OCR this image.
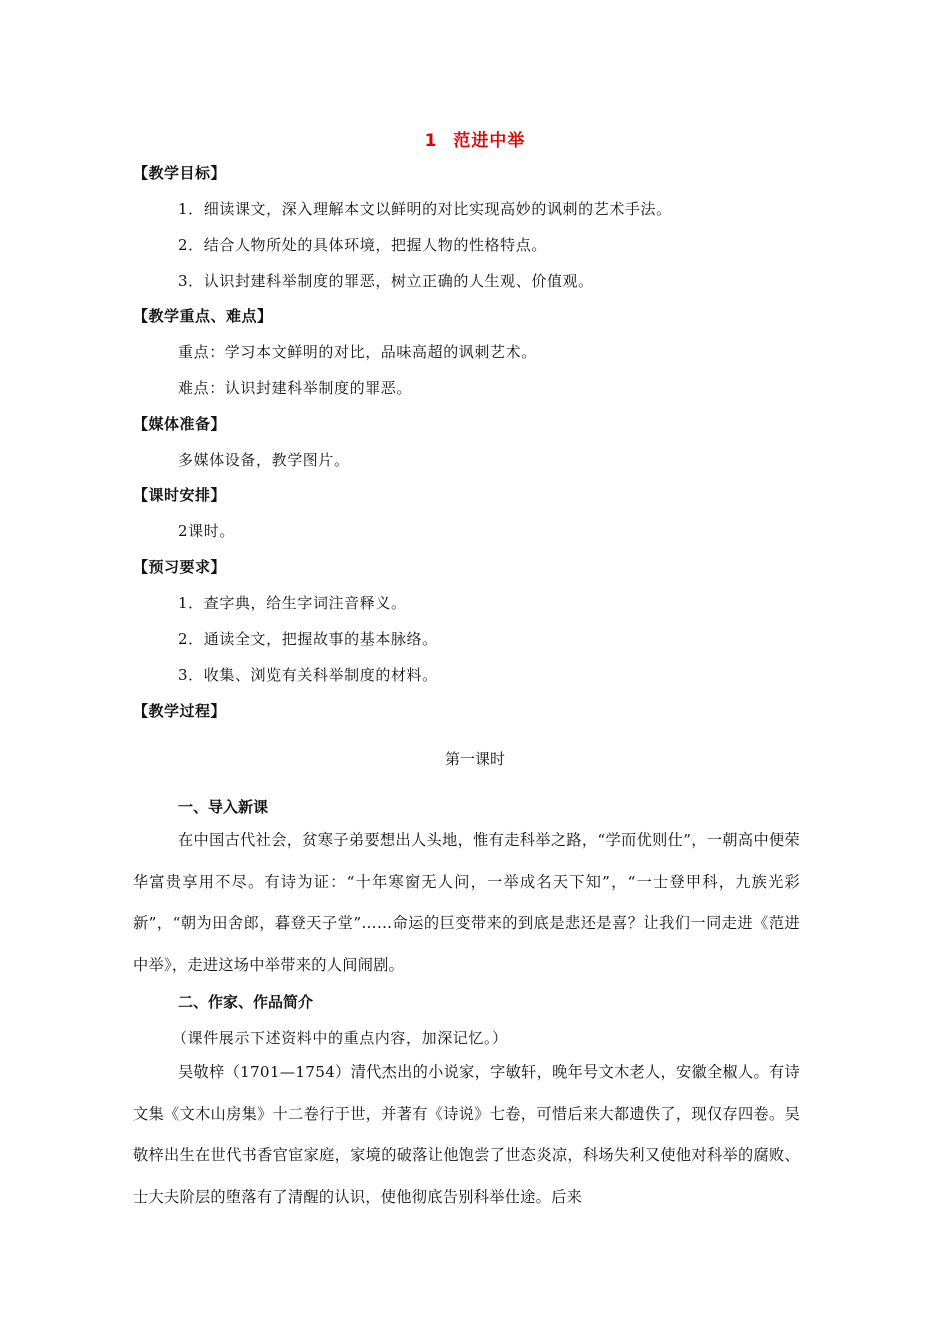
1 范进中举
【教学目标】
1．细读课文，深入理解本文以鲜明的对比实现高妙的讽刺的艺术手法。
2．结合人物所处的具体环境，把握人物的性格特点。
3．认识封建科举制度的罪恶，树立正确的人生观、价值观。
【教学重点、难点】
重点：学习本文鲜明的对比，品味高超的讽刺艺术。
难点：认识封建科举制度的罪恶。
【媒体准备】
多媒体设备，教学图片。
【课时安排】
2课时。
【预习要求】
1．查字典，给生字词注音释义。
2．通读全文，把握故事的基本脉络。
3．收集、浏览有关科举制度的材料。
【教学过程】
第一课时
一、导入新课

在中国古代社会，贫寒子弟要想出人头地，惟有走科举之路，“学而优则仕”，一朝高中便荣华富贵享用不尽。有诗为证：“十年寒窗无人问，一举成名天下知”，“一士登甲科，九族光彩新”，“朝为田舍郎，暮登天子堂”……命运的巨变带来的到底是悲还是喜？让我们一同走进《范进中举》，走进这场中举带来的人间闹剧。

二、作家、作品简介
（课件展示下述资料中的重点内容，加深记忆。）

吴敬梓（1701—1754）清代杰出的小说家，字敏轩，晚年号文木老人，安徽全椒人。有诗文集《文木山房集》十二卷行于世，并著有《诗说》七卷，可惜后来大都遗佚了，现仅存四卷。吴敬梓出生在世代书香官宦家庭，家境的破落让他饱尝了世态炎凉，科场失利又使他对科举的腐败、士大夫阶层的堕落有了清醒的认识，使他彻底告别科举仕途。后来
